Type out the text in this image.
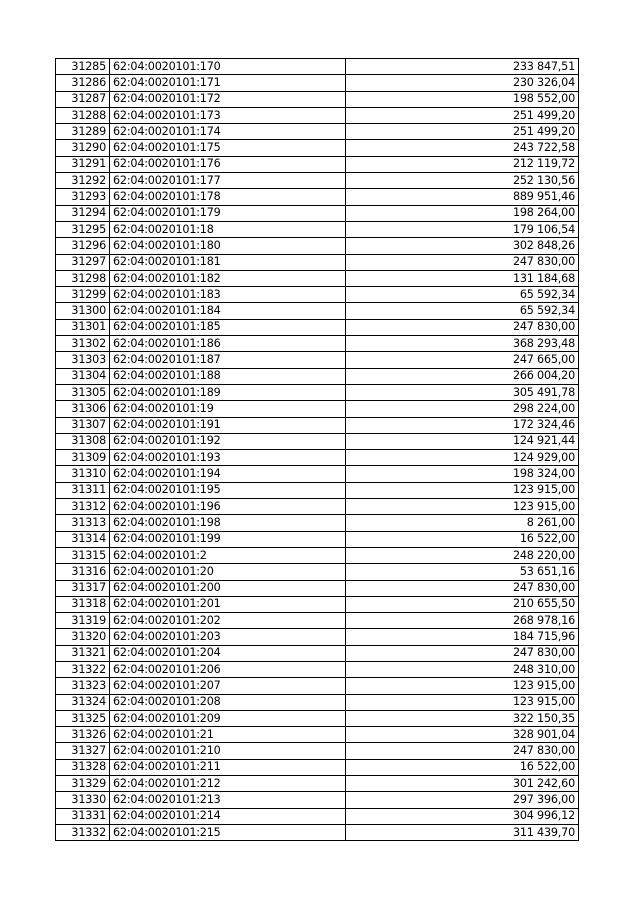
31285	62:04:0020101:170	233 847,51
31286	62:04:0020101:171	230 326,04
31287	62:04:0020101:172	198 552,00
31288	62:04:0020101:173	251 499,20
31289	62:04:0020101:174	251 499,20
31290	62:04:0020101:175	243 722,58
31291	62:04:0020101:176	212 119,72
31292	62:04:0020101:177	252 130,56
31293	62:04:0020101:178	889 951,46
31294	62:04:0020101:179	198 264,00
31295	62:04:0020101:18	179 106,54
31296	62:04:0020101:180	302 848,26
31297	62:04:0020101:181	247 830,00
31298	62:04:0020101:182	131 184,68
31299	62:04:0020101:183	65 592,34
31300	62:04:0020101:184	65 592,34
31301	62:04:0020101:185	247 830,00
31302	62:04:0020101:186	368 293,48
31303	62:04:0020101:187	247 665,00
31304	62:04:0020101:188	266 004,20
31305	62:04:0020101:189	305 491,78
31306	62:04:0020101:19	298 224,00
31307	62:04:0020101:191	172 324,46
31308	62:04:0020101:192	124 921,44
31309	62:04:0020101:193	124 929,00
31310	62:04:0020101:194	198 324,00
31311	62:04:0020101:195	123 915,00
31312	62:04:0020101:196	123 915,00
31313	62:04:0020101:198	8 261,00
31314	62:04:0020101:199	16 522,00
31315	62:04:0020101:2	248 220,00
31316	62:04:0020101:20	53 651,16
31317	62:04:0020101:200	247 830,00
31318	62:04:0020101:201	210 655,50
31319	62:04:0020101:202	268 978,16
31320	62:04:0020101:203	184 715,96
31321	62:04:0020101:204	247 830,00
31322	62:04:0020101:206	248 310,00
31323	62:04:0020101:207	123 915,00
31324	62:04:0020101:208	123 915,00
31325	62:04:0020101:209	322 150,35
31326	62:04:0020101:21	328 901,04
31327	62:04:0020101:210	247 830,00
31328	62:04:0020101:211	16 522,00
31329	62:04:0020101:212	301 242,60
31330	62:04:0020101:213	297 396,00
31331	62:04:0020101:214	304 996,12
31332	62:04:0020101:215	311 439,70
